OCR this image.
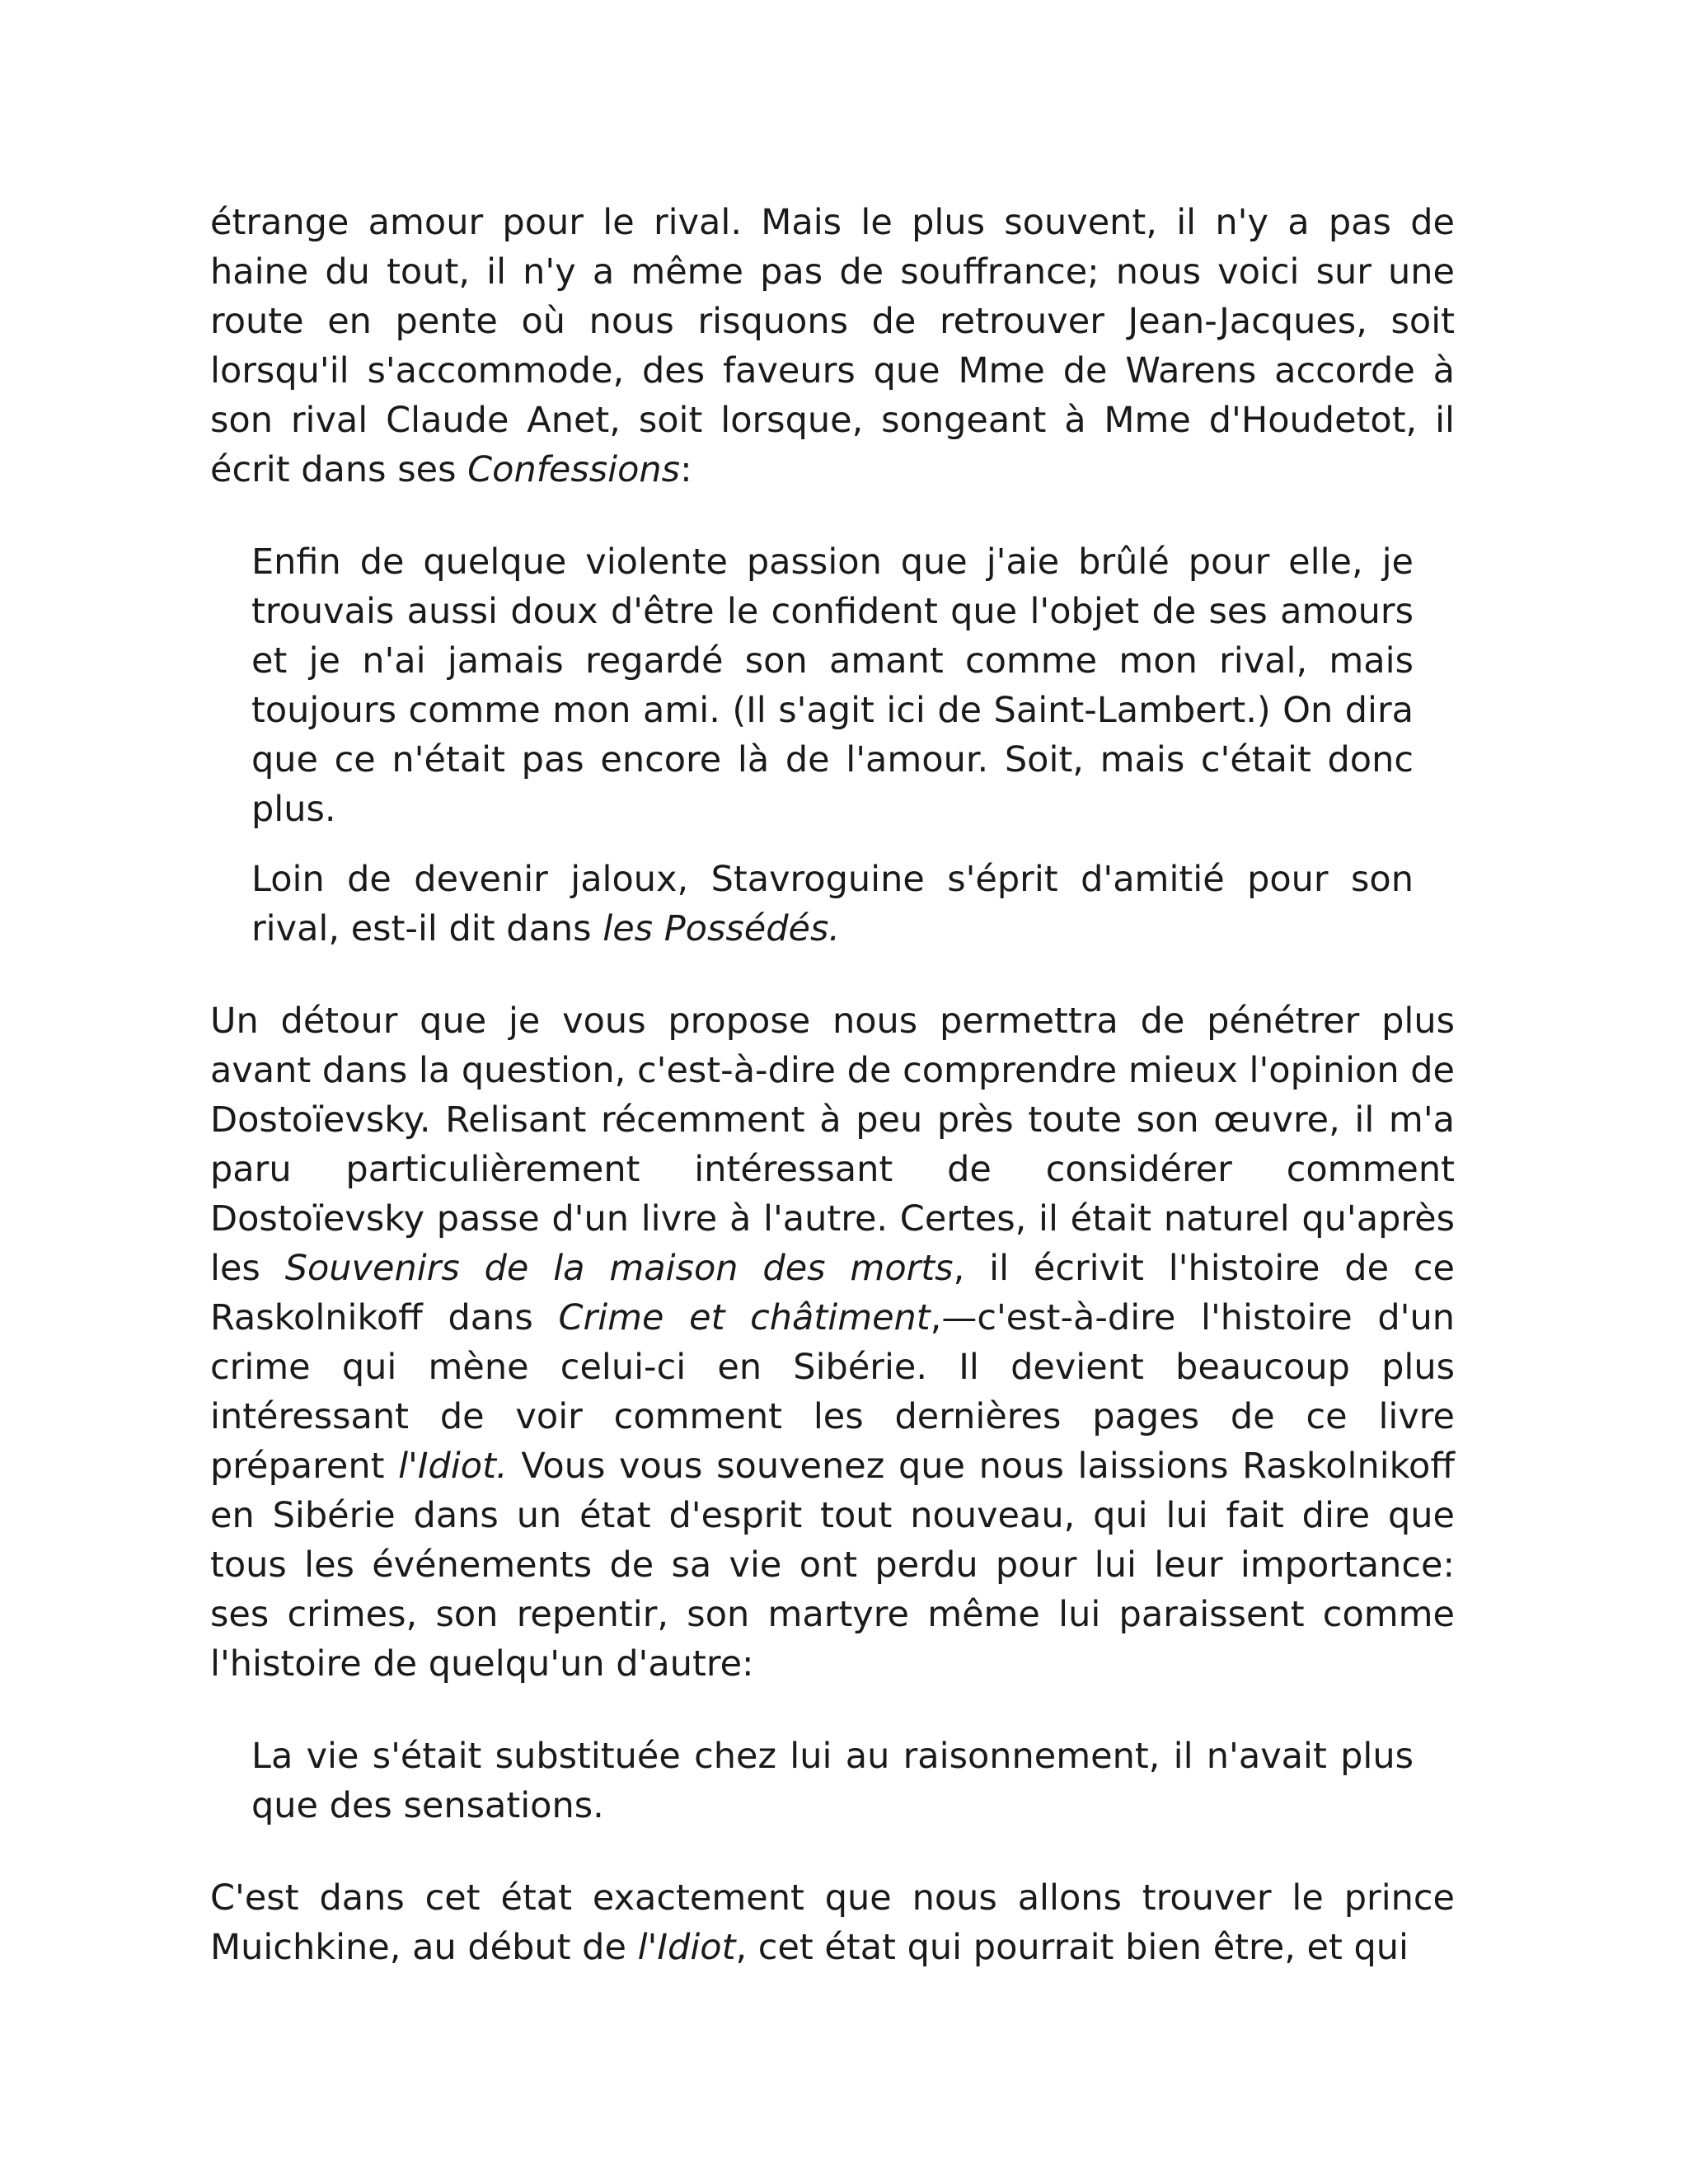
étrange amour pour le rival. Mais le plus souvent, il n'y a pas de haine du tout, il n'y a même pas de souffrance; nous voici sur une route en pente où nous risquons de retrouver Jean-Jacques, soit lorsqu'il s'accommode, des faveurs que Mme de Warens accorde à son rival Claude Anet, soit lorsque, songeant à Mme d'Houdetot, il écrit dans ses Confessions:

Enfin de quelque violente passion que j'aie brûlé pour elle, je trouvais aussi doux d'être le confident que l'objet de ses amours et je n'ai jamais regardé son amant comme mon rival, mais toujours comme mon ami. (Il s'agit ici de Saint-Lambert.) On dira que ce n'était pas encore là de l'amour. Soit, mais c'était donc plus.

Loin de devenir jaloux, Stavroguine s'éprit d'amitié pour son rival, est-il dit dans les Possédés.

Un détour que je vous propose nous permettra de pénétrer plus avant dans la question, c'est-à-dire de comprendre mieux l'opinion de Dostoïevsky. Relisant récemment à peu près toute son œuvre, il m'a paru particulièrement intéressant de considérer comment Dostoïevsky passe d'un livre à l'autre. Certes, il était naturel qu'après les Souvenirs de la maison des morts, il écrivit l'histoire de ce Raskolnikoff dans Crime et châtiment,—c'est-à-dire l'histoire d'un crime qui mène celui-ci en Sibérie. Il devient beaucoup plus intéressant de voir comment les dernières pages de ce livre préparent l'Idiot. Vous vous souvenez que nous laissions Raskolnikoff en Sibérie dans un état d'esprit tout nouveau, qui lui fait dire que tous les événements de sa vie ont perdu pour lui leur importance: ses crimes, son repentir, son martyre même lui paraissent comme l'histoire de quelqu'un d'autre:

La vie s'était substituée chez lui au raisonnement, il n'avait plus que des sensations.

C'est dans cet état exactement que nous allons trouver le prince Muichkine, au début de l'Idiot, cet état qui pourrait bien être, et qui
